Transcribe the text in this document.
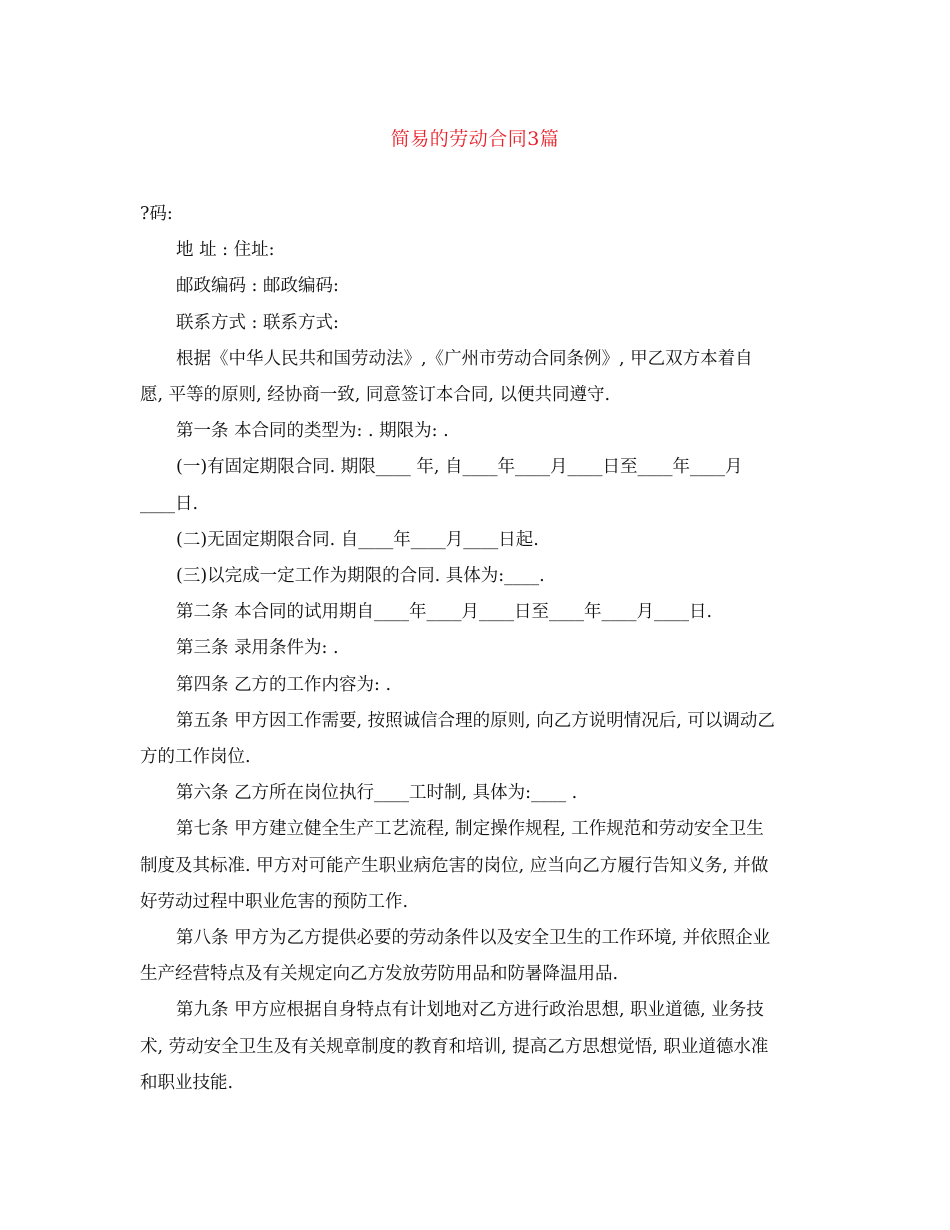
简易的劳动合同3篇

?码:

地 址 : 住址:

邮政编码 : 邮政编码:

联系方式 : 联系方式:

根据《中华人民共和国劳动法》,《广州市劳动合同条例》, 甲乙双方本着自

愿, 平等的原则, 经协商一致, 同意签订本合同, 以便共同遵守.

第一条 本合同的类型为: . 期限为: .

(一)有固定期限合同. 期限____ 年, 自____年____月____日至____年____月

____日.

(二)无固定期限合同. 自____年____月____日起.

(三)以完成一定工作为期限的合同. 具体为:____.

第二条 本合同的试用期自____年____月____日至____年____月____日.

第三条 录用条件为: .

第四条 乙方的工作内容为: .

第五条 甲方因工作需要, 按照诚信合理的原则, 向乙方说明情况后, 可以调动乙

方的工作岗位.

第六条 乙方所在岗位执行____工时制, 具体为:____ .

第七条 甲方建立健全生产工艺流程, 制定操作规程, 工作规范和劳动安全卫生

制度及其标准. 甲方对可能产生职业病危害的岗位, 应当向乙方履行告知义务, 并做

好劳动过程中职业危害的预防工作.

第八条 甲方为乙方提供必要的劳动条件以及安全卫生的工作环境, 并依照企业

生产经营特点及有关规定向乙方发放劳防用品和防暑降温用品.

第九条 甲方应根据自身特点有计划地对乙方进行政治思想, 职业道德, 业务技

术, 劳动安全卫生及有关规章制度的教育和培训, 提高乙方思想觉悟, 职业道德水准

和职业技能.
